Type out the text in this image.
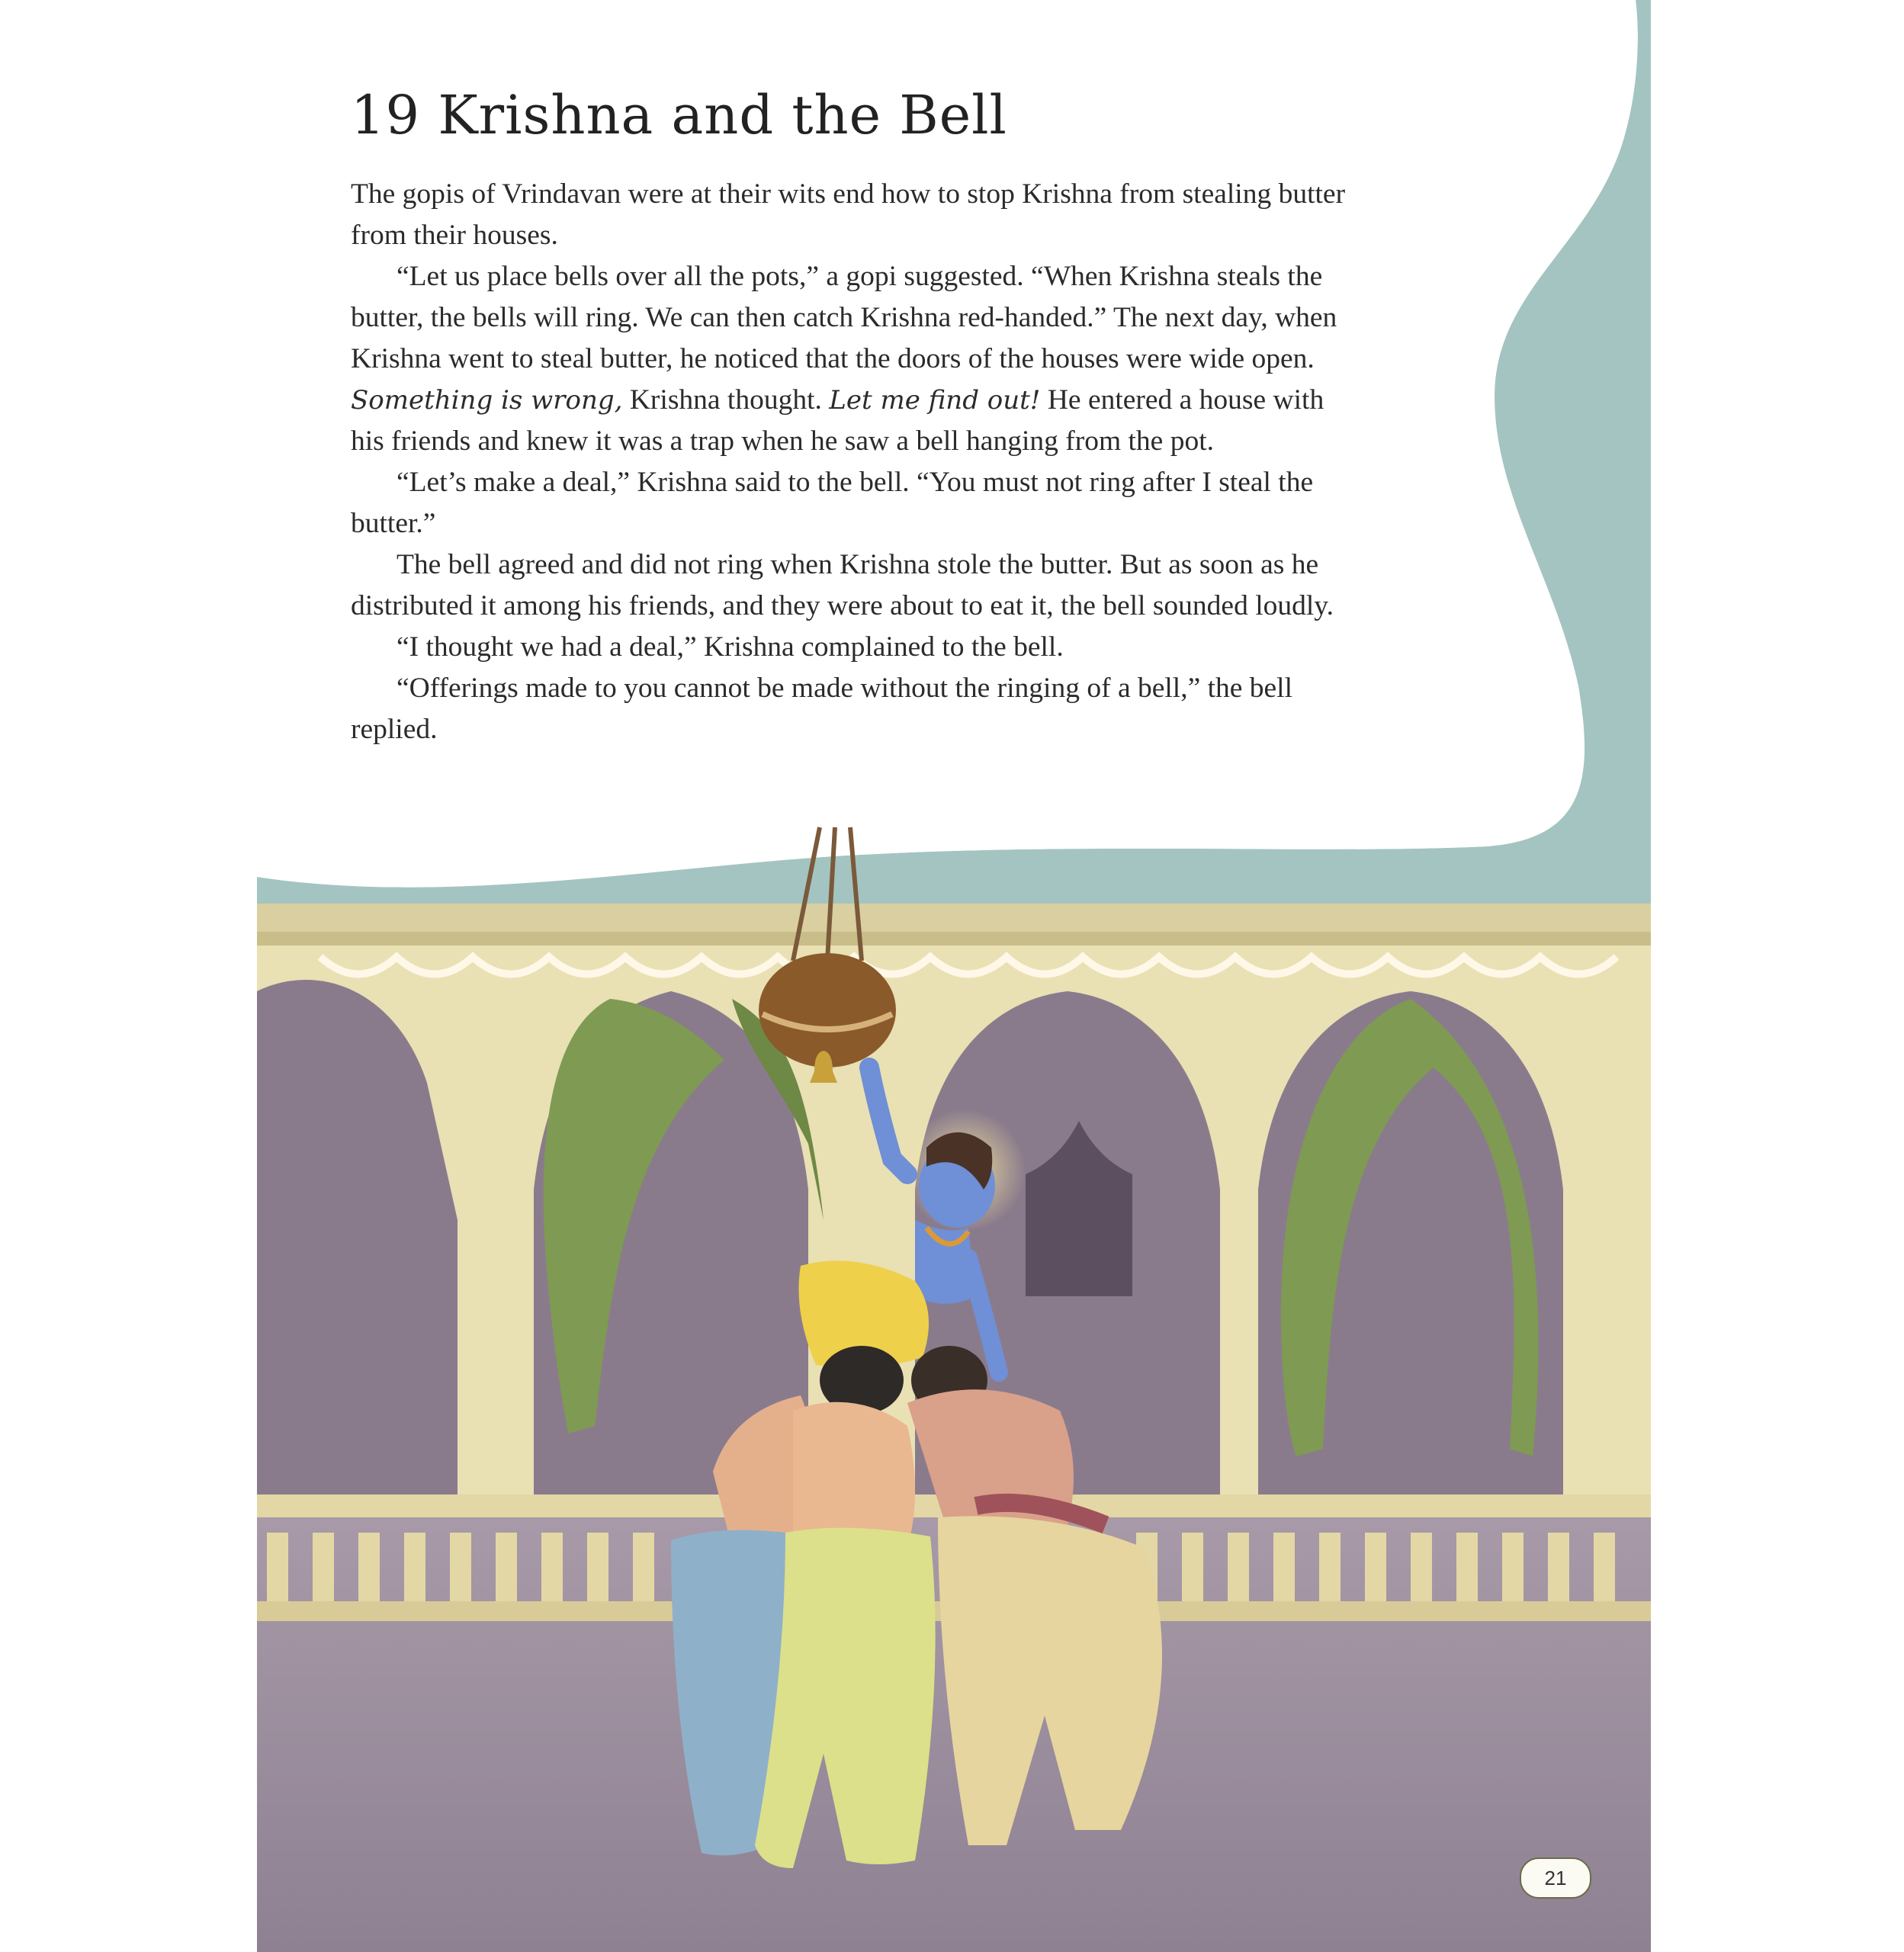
19 Krishna and the Bell

The gopis of Vrindavan were at their wits end how to stop Krishna from stealing butter from their houses.

“Let us place bells over all the pots,” a gopi suggested. “When Krishna steals the butter, the bells will ring. We can then catch Krishna red-handed.” The next day, when Krishna went to steal butter, he noticed that the doors of the houses were wide open. Something is wrong, Krishna thought. Let me find out! He entered a house with his friends and knew it was a trap when he saw a bell hanging from the pot.

“Let’s make a deal,” Krishna said to the bell. “You must not ring after I steal the butter.”

The bell agreed and did not ring when Krishna stole the butter. But as soon as he distributed it among his friends, and they were about to eat it, the bell sounded loudly.

“I thought we had a deal,” Krishna complained to the bell.

“Offerings made to you cannot be made without the ringing of a bell,” the bell replied.

21
